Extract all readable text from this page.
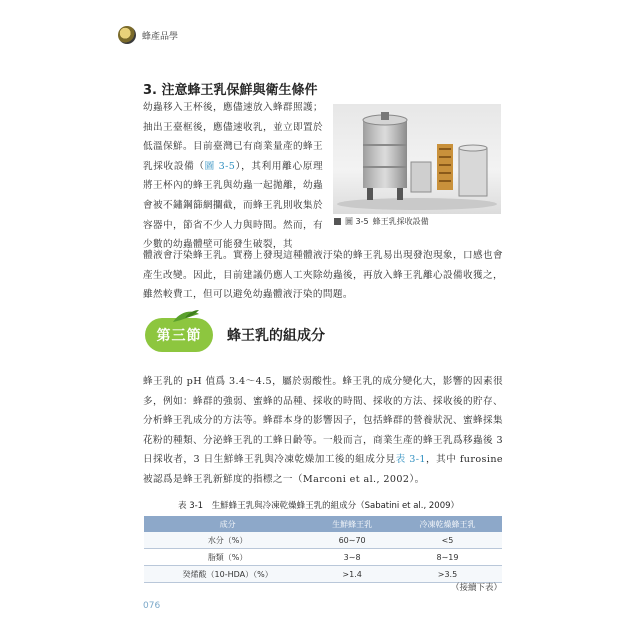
蜂產品學
3. 注意蜂王乳保鮮與衛生條件
幼蟲移入王杯後，應儘速放入蜂群照護；抽出王臺框後，應儘速收乳，並立即置於低溫保鮮。目前臺灣已有商業量產的蜂王乳採收設備（圖 3-5），其利用離心原理將王杯內的蜂王乳與幼蟲一起拋離，幼蟲會被不鏽鋼篩網攔截，而蜂王乳則收集於容器中，節省不少人力與時間。然而，有少數的幼蟲體壁可能發生破裂，其
圖 3-5 蜂王乳採收設備
體液會汙染蜂王乳。實務上發現這種體液汙染的蜂王乳易出現發泡現象，口感也會產生改變。因此，目前建議仍應人工夾除幼蟲後，再放入蜂王乳離心設備收獲之，雖然較費工，但可以避免幼蟲體液汙染的問題。
第三節 蜂王乳的組成分
蜂王乳的 pH 值爲 3.4～4.5，屬於弱酸性。蜂王乳的成分變化大，影響的因素很多，例如：蜂群的強弱、蜜蜂的品種、採收的時間、採收的方法、採收後的貯存、分析蜂王乳成分的方法等。蜂群本身的影響因子，包括蜂群的營養狀況、蜜蜂採集花粉的種類、分泌蜂王乳的工蜂日齡等。一般而言，商業生產的蜂王乳爲移蟲後 3 日採收者，3 日生鮮蜂王乳與冷凍乾燥加工後的組成分見表 3-1，其中 furosine 被認爲是蜂王乳新鮮度的指標之一（Marconi et al., 2002）。
表 3-1　生鮮蜂王乳與冷凍乾燥蜂王乳的組成分（Sabatini et al., 2009）
成分	生鮮蜂王乳	冷凍乾燥蜂王乳
水分（%）	60∼70	<5
脂類（%）	3∼8	8∼19
癸烯酸（10-HDA）（%）	>1.4	>3.5
（接續下表）
076
